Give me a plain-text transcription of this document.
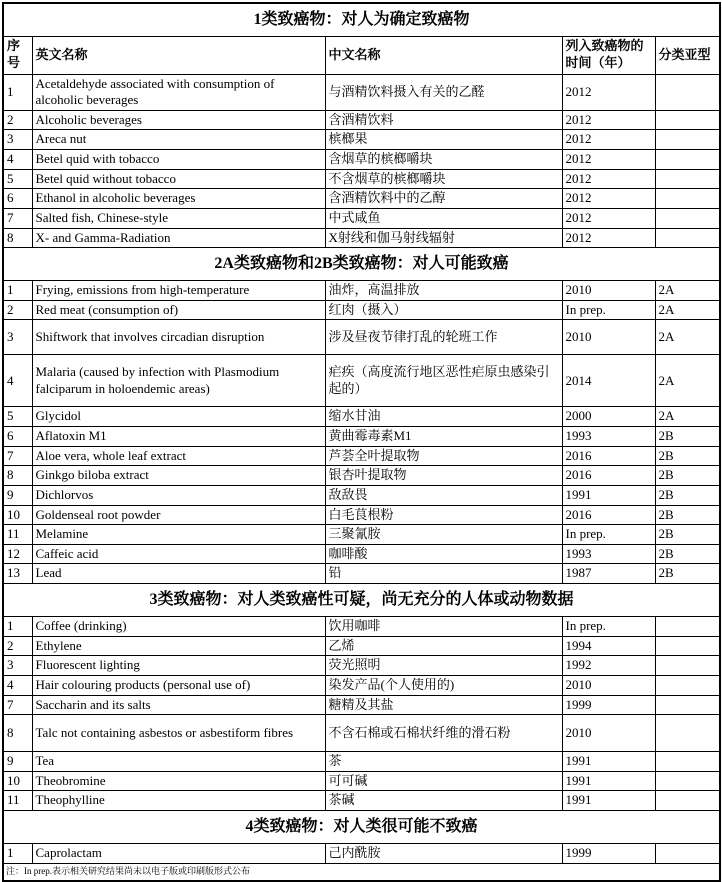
1类致癌物：对人为确定致癌物				
序号	英文名称	中文名称	列入致癌物的时间（年）	分类亚型
1	Acetaldehyde associated with consumption of alcoholic beverages	与酒精饮料摄入有关的乙醛	2012	
2	Alcoholic beverages	含酒精饮料	2012	
3	Areca nut	槟榔果	2012	
4	Betel quid with tobacco	含烟草的槟榔嚼块	2012	
5	Betel quid without tobacco	不含烟草的槟榔嚼块	2012	
6	Ethanol in alcoholic beverages	含酒精饮料中的乙醇	2012	
7	Salted fish, Chinese-style	中式咸鱼	2012	
8	X- and Gamma-Radiation	X射线和伽马射线辐射	2012	
2A类致癌物和2B类致癌物：对人可能致癌				
1	Frying, emissions from high-temperature	油炸，高温排放	2010	2A
2	Red meat (consumption of)	红肉（摄入）	In prep.	2A
3	Shiftwork that involves circadian disruption	涉及昼夜节律打乱的轮班工作	2010	2A
4	Malaria (caused by infection with Plasmodium falciparum in holoendemic areas)	疟疾（高度流行地区恶性疟原虫感染引起的）	2014	2A
5	Glycidol	缩水甘油	2000	2A
6	Aflatoxin M1	黄曲霉毒素M1	1993	2B
7	Aloe vera, whole leaf extract	芦荟全叶提取物	2016	2B
8	Ginkgo biloba extract	银杏叶提取物	2016	2B
9	Dichlorvos	敌敌畏	1991	2B
10	Goldenseal root powder	白毛茛根粉	2016	2B
11	Melamine	三聚氰胺	In prep.	2B
12	Caffeic acid	咖啡酸	1993	2B
13	Lead	铅	1987	2B
3类致癌物：对人类致癌性可疑，尚无充分的人体或动物数据				
1	Coffee (drinking)	饮用咖啡	In prep.	
2	Ethylene	乙烯	1994	
3	Fluorescent lighting	荧光照明	1992	
4	Hair colouring products (personal use of)	染发产品(个人使用的)	2010	
7	Saccharin and its salts	糖精及其盐	1999	
8	Talc not containing asbestos or asbestiform fibres	不含石棉或石棉状纤维的滑石粉	2010	
9	Tea	茶	1991	
10	Theobromine	可可碱	1991	
11	Theophylline	茶碱	1991	
4类致癌物：对人类很可能不致癌				
1	Caprolactam	己内酰胺	1999	
注：In prep.表示相关研究结果尚未以电子版或印刷版形式公布				
